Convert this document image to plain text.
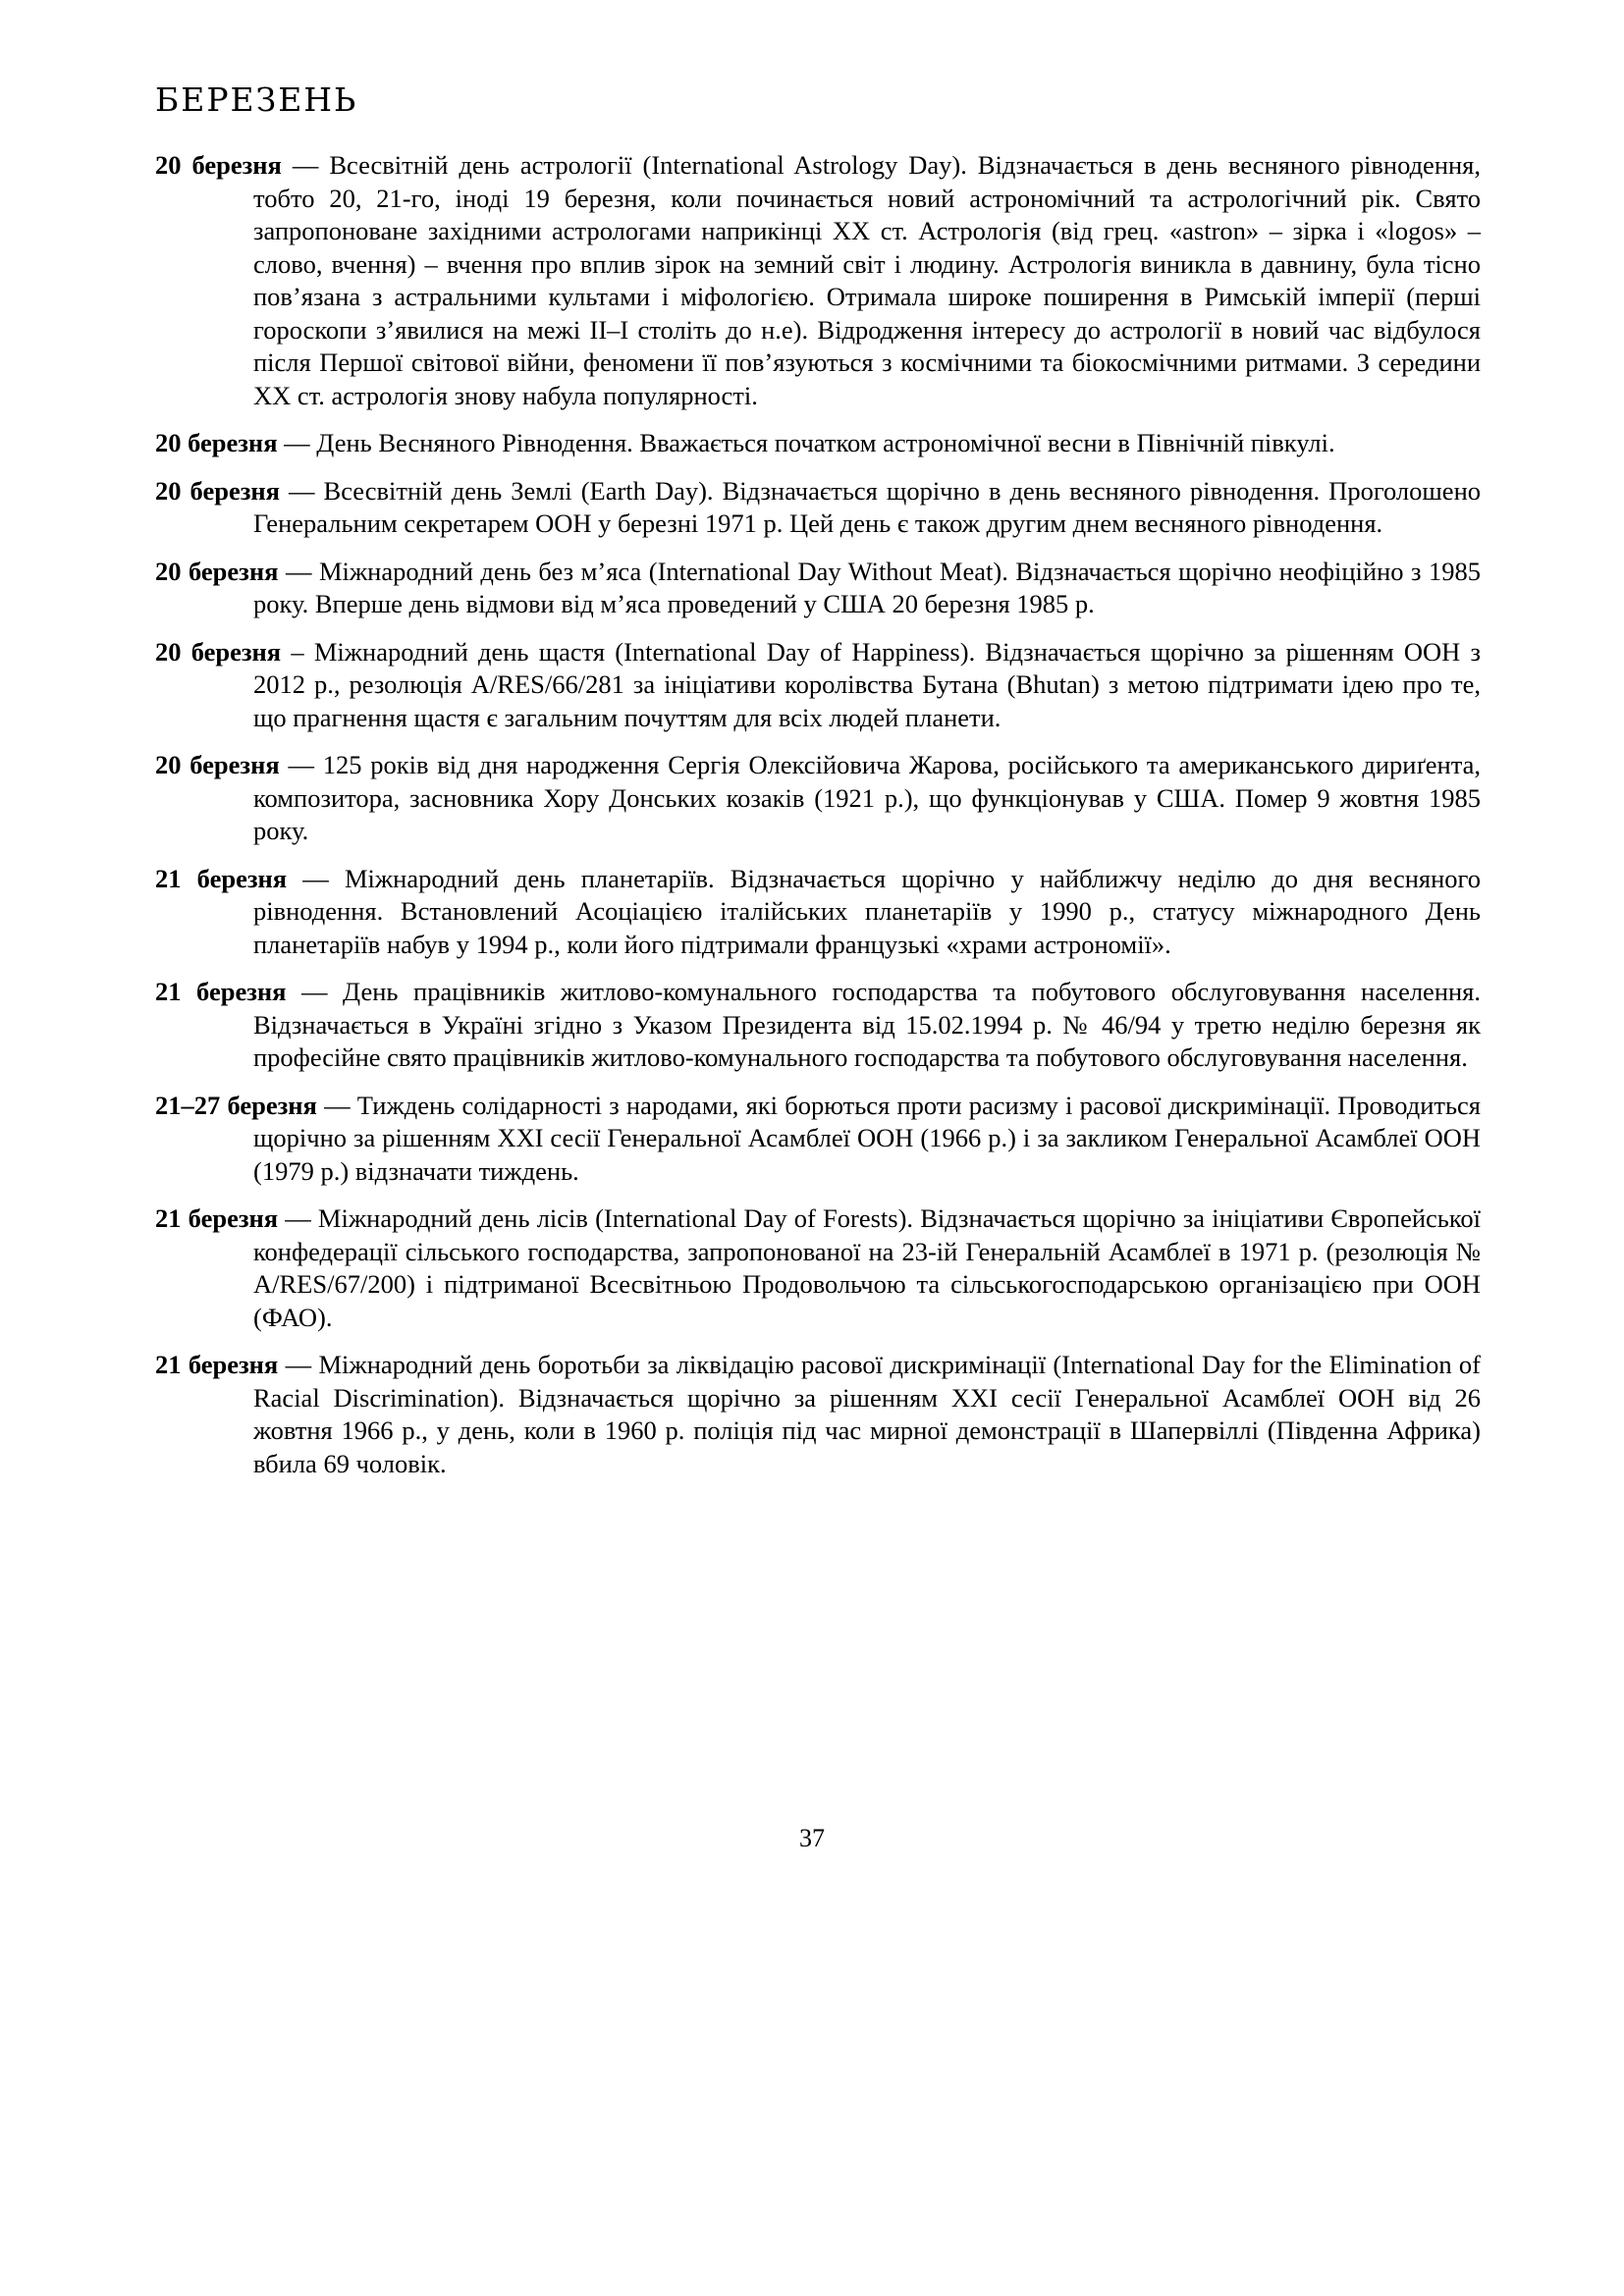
БЕРЕЗЕНЬ

20 березня — Всесвітній день астрології (International Astrology Day). Відзначається в день весняного рівнодення, тобто 20, 21-го, іноді 19 березня, коли починається новий астрономічний та астрологічний рік. Свято запропоноване західними астрологами наприкінці ХХ ст. Астрологія (від грец. «astron» – зірка і «logos» – слово, вчення) – вчення про вплив зірок на земний світ і людину. Астрологія виникла в давнину, була тісно пов’язана з астральними культами і міфологією. Отримала широке поширення в Римській імперії (перші гороскопи з’явилися на межі II–I століть до н.е). Відродження інтересу до астрології в новий час відбулося після Першої світової війни, феномени її пов’язуються з космічними та біокосмічними ритмами. З середини XX ст. астрологія знову набула популярності.

20 березня — День Весняного Рівнодення. Вважається початком астрономічної весни в Північній півкулі.

20 березня — Всесвітній день Землі (Earth Day). Відзначається щорічно в день весняного рівнодення. Проголошено Генеральним секретарем ООН у березні 1971 р. Цей день є також другим днем весняного рівнодення.

20 березня — Міжнародний день без м’яса (International Day Without Meat). Відзначається щорічно неофіційно з 1985 року. Вперше день відмови від м’яса проведений у США 20 березня 1985 р.

20 березня – Міжнародний день щастя (International Day of Happiness). Відзначається щорічно за рішенням ООН з 2012 р., резолюція A/RES/66/281 за ініціативи королівства Бутана (Bhutan) з метою підтримати ідею про те, що прагнення щастя є загальним почуттям для всіх людей планети.

20 березня — 125 років від дня народження Сергія Олексійовича Жарова, російського та американського дириґента, композитора, засновника Хору Донських козаків (1921 р.), що функціонував у США. Помер 9 жовтня 1985 року.

21 березня — Міжнародний день планетаріїв. Відзначається щорічно у найближчу неділю до дня весняного рівнодення. Встановлений Асоціацією італійських планетаріїв у 1990 р., статусу міжнародного День планетаріїв набув у 1994 р., коли його підтримали французькі «храми астрономії».

21 березня — День працівників житлово-комунального господарства та побутового обслуговування населення. Відзначається в Україні згідно з Указом Президента від 15.02.1994 р. № 46/94 у третю неділю березня як професійне свято працівників житлово-комунального господарства та побутового обслуговування населення.

21–27 березня — Тиждень солідарності з народами, які борються проти расизму і расової дискримінації. Проводиться щорічно за рішенням XXI сесії Генеральної Асамблеї ООН (1966 р.) і за закликом Генеральної Асамблеї ООН (1979 р.) відзначати тиждень.

21 березня — Міжнародний день лісів (International Day of Forests). Відзначається щорічно за ініціативи Європейської конфедерації сільського господарства, запропонованої на 23-ій Генеральній Асамблеї в 1971 р. (резолюція № A/RES/67/200) і підтриманої Всесвітньою Продовольчою та сільськогосподарською організацією при ООН (ФАО).

21 березня — Міжнародний день боротьби за ліквідацію расової дискримінації (International Day for the Elimination of Racial Discrimination). Відзначається щорічно за рішенням XXI сесії Генеральної Асамблеї ООН від 26 жовтня 1966 р., у день, коли в 1960 р. поліція під час мирної демонстрації в Шапервіллі (Південна Африка) вбила 69 чоловік.

37
